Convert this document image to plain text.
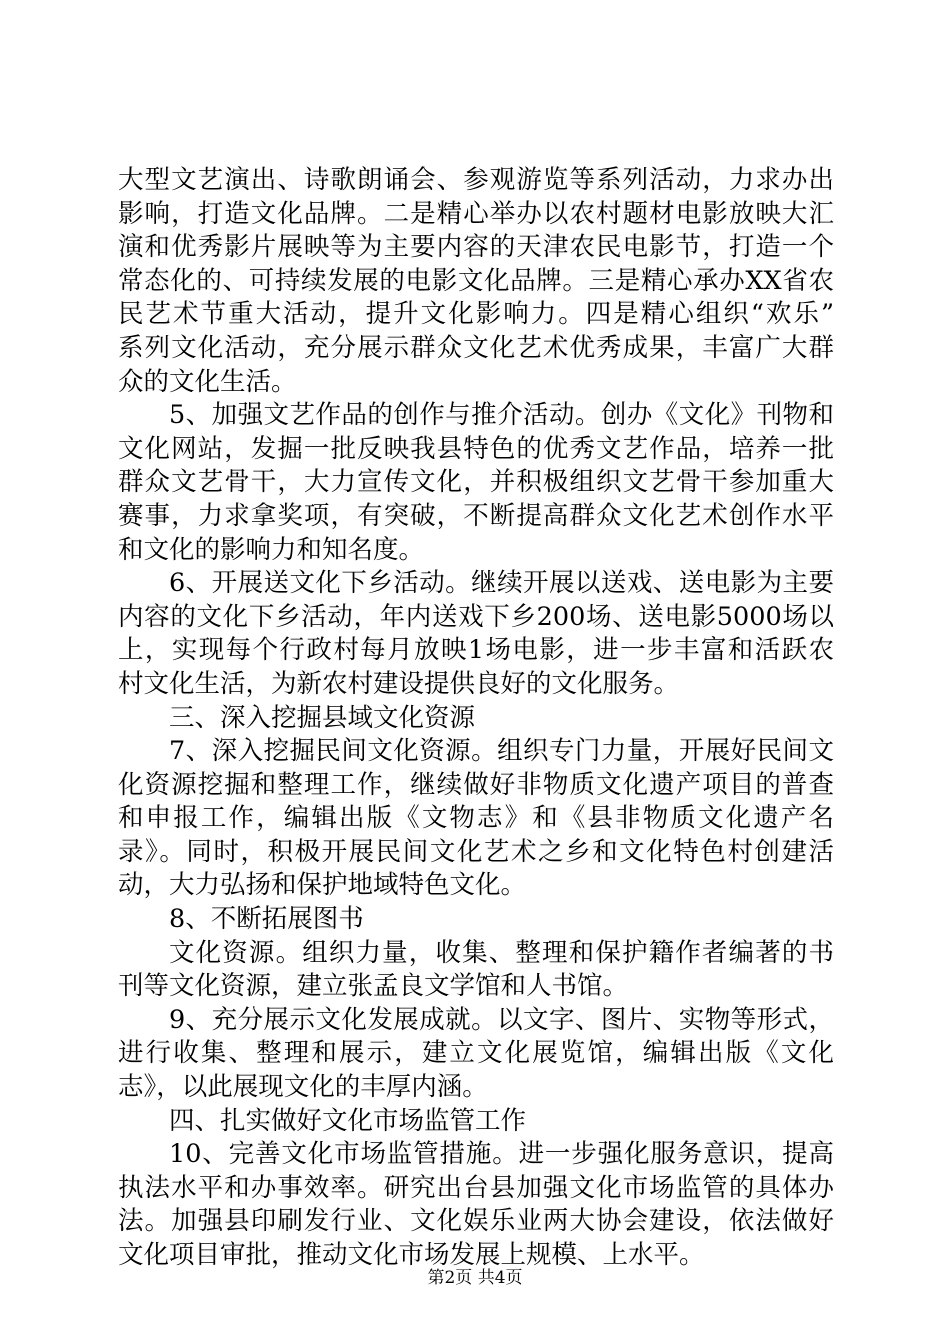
大型文艺演出、诗歌朗诵会、参观游览等系列活动，力求办出
影响，打造文化品牌。二是精心举办以农村题材电影放映大汇
演和优秀影片展映等为主要内容的天津农民电影节，打造一个
常态化的、可持续发展的电影文化品牌。三是精心承办XX省农
民艺术节重大活动，提升文化影响力。四是精心组织“欢乐”
系列文化活动，充分展示群众文化艺术优秀成果，丰富广大群
众的文化生活。
5、加强文艺作品的创作与推介活动。创办《文化》刊物和
文化网站，发掘一批反映我县特色的优秀文艺作品，培养一批
群众文艺骨干，大力宣传文化，并积极组织文艺骨干参加重大
赛事，力求拿奖项，有突破，不断提高群众文化艺术创作水平
和文化的影响力和知名度。
6、开展送文化下乡活动。继续开展以送戏、送电影为主要
内容的文化下乡活动，年内送戏下乡200场、送电影5000场以
上，实现每个行政村每月放映1场电影，进一步丰富和活跃农
村文化生活，为新农村建设提供良好的文化服务。
三、深入挖掘县域文化资源
7、深入挖掘民间文化资源。组织专门力量，开展好民间文
化资源挖掘和整理工作，继续做好非物质文化遗产项目的普查
和申报工作，编辑出版《文物志》和《县非物质文化遗产名
录》。同时，积极开展民间文化艺术之乡和文化特色村创建活
动，大力弘扬和保护地域特色文化。
8、不断拓展图书
文化资源。组织力量，收集、整理和保护籍作者编著的书
刊等文化资源，建立张孟良文学馆和人书馆。
9、充分展示文化发展成就。以文字、图片、实物等形式，
进行收集、整理和展示，建立文化展览馆，编辑出版《文化
志》，以此展现文化的丰厚内涵。
四、扎实做好文化市场监管工作
10、完善文化市场监管措施。进一步强化服务意识，提高
执法水平和办事效率。研究出台县加强文化市场监管的具体办
法。加强县印刷发行业、文化娱乐业两大协会建设，依法做好
文化项目审批，推动文化市场发展上规模、上水平。
第2页 共4页
